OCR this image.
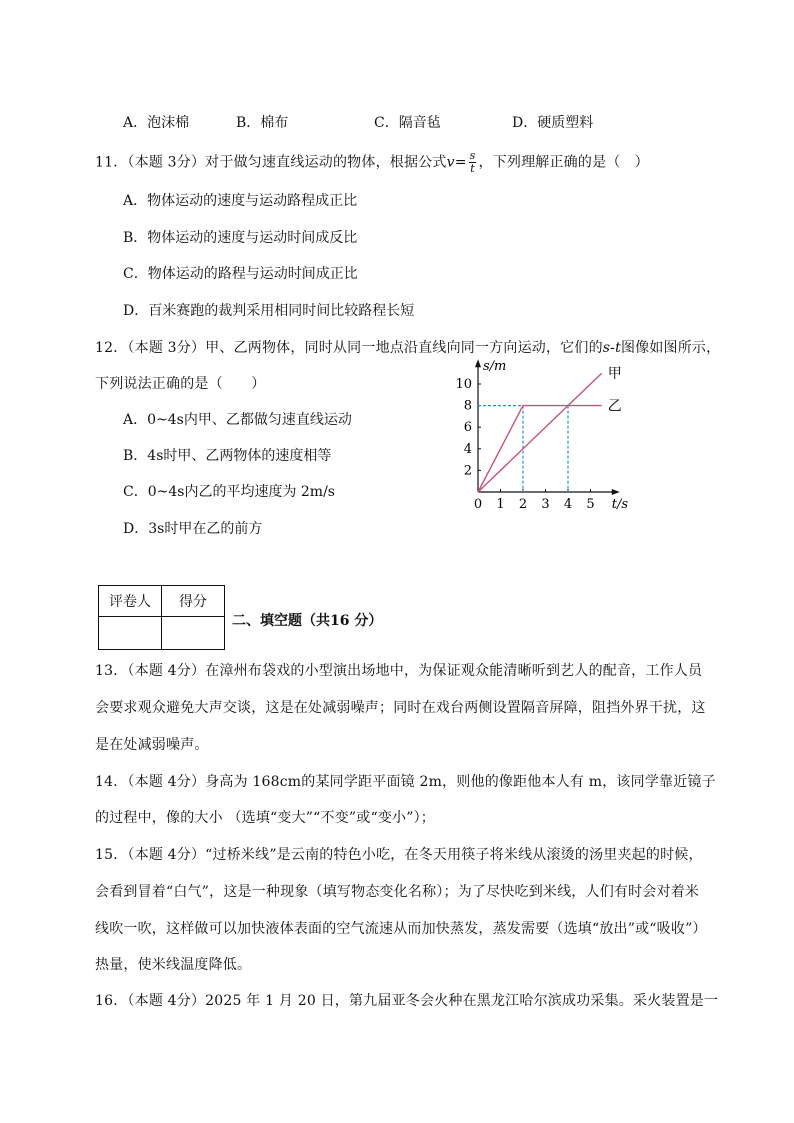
A．泡沫棉	B．棉布	C．隔音毡	D．硬质塑料
11．（本题 3分）对于做匀速直线运动的物体，根据公式$v= \frac{s}{t}$ ，下列理解正确的是（　）
A．物体运动的速度与运动路程成正比
B．物体运动的速度与运动时间成反比
C．物体运动的路程与运动时间成正比
D．百米赛跑的裁判采用相同时间比较路程长短
12．（本题 3分）甲、乙两物体，同时从同一地点沿直线向同一方向运动，它们的s-t图像如图所示，
下列说法正确的是（　　）
A．0~4s内甲、乙都做匀速直线运动
B．4s时甲、乙两物体的速度相等
C．0~4s内乙的平均速度为 2m/s
D．3s时甲在乙的前方
0 1 2 3 4 5
2
4
6
8
10
s/m
t/s
甲
乙
评卷人	得分

二、填空题（共16 分）
13．（本题 4分）在漳州布袋戏的小型演出场地中，为保证观众能清晰听到艺人的配音，工作人员
会要求观众避免大声交谈，这是在处减弱噪声；同时在戏台两侧设置隔音屏障，阻挡外界干扰，这
是在处减弱噪声。
14．（本题 4分）身高为 168cm的某同学距平面镜 2m，则他的像距他本人有 m，该同学靠近镜子
的过程中，像的大小 （选填“变大”“不变”或“变小”）；
15．（本题 4分）“过桥米线”是云南的特色小吃，在冬天用筷子将米线从滚烫的汤里夹起的时候，
会看到冒着“白气”，这是一种现象（填写物态变化名称）；为了尽快吃到米线，人们有时会对着米
线吹一吹，这样做可以加快液体表面的空气流速从而加快蒸发，蒸发需要（选填“放出”或“吸收”）
热量，使米线温度降低。
16．（本题 4分）2025 年 1 月 20 日，第九届亚冬会火种在黑龙江哈尔滨成功采集。采火装置是一
